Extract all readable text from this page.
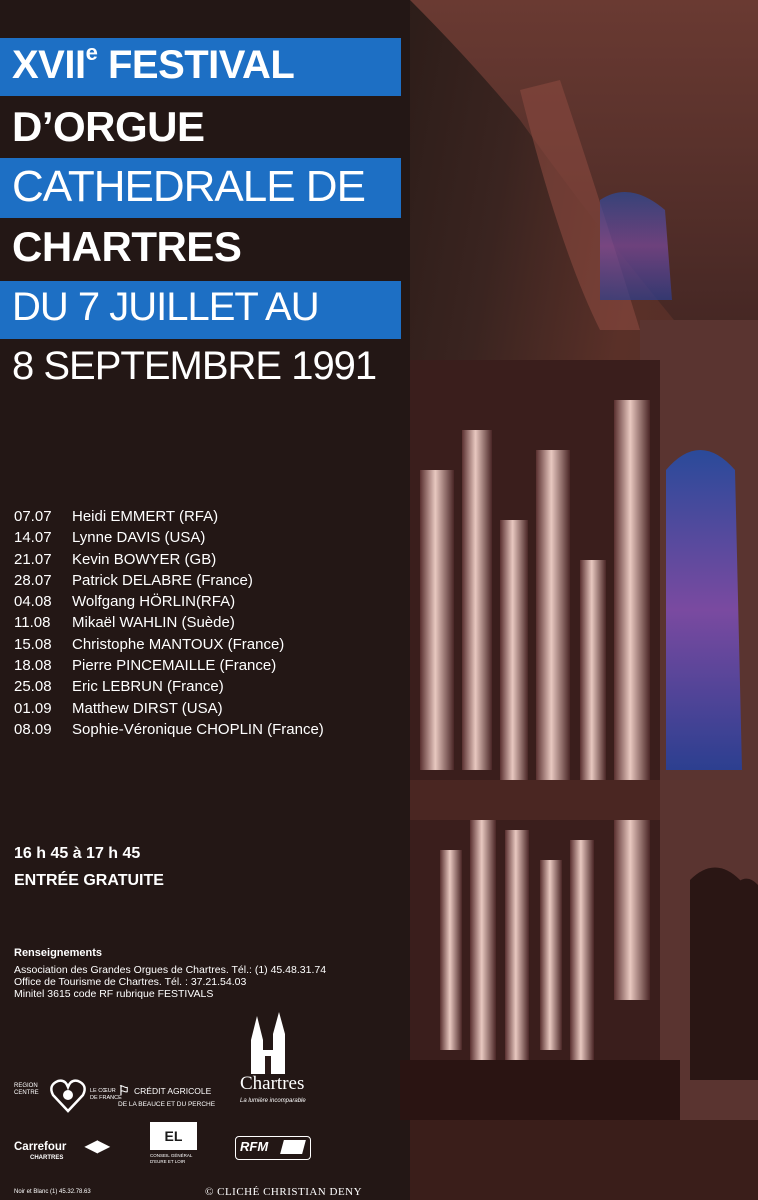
XVIIe FESTIVAL
D’ORGUE
CATHEDRALE DE
CHARTRES
DU 7 JUILLET AU
8 SEPTEMBRE 1991
07.07	Heidi EMMERT (RFA)
14.07	Lynne DAVIS (USA)
21.07	Kevin BOWYER (GB)
28.07	Patrick DELABRE (France)
04.08	Wolfgang HÖRLIN(RFA)
11.08	Mikaël WAHLIN (Suède)
15.08	Christophe MANTOUX (France)
18.08	Pierre PINCEMAILLE (France)
25.08	Eric LEBRUN (France)
01.09	Matthew DIRST (USA)
08.09	Sophie-Véronique CHOPLIN (France)
16 h 45 à 17 h 45
ENTRÉE GRATUITE
Renseignements
Association des Grandes Orgues de Chartres. Tél.: (1) 45.48.31.74
Office de Tourisme de Chartres. Tél. : 37.21.54.03
Minitel 3615 code RF rubrique FESTIVALS
REGION CENTRE	LE CŒUR DE FRANCE
⚐ CRÉDIT AGRICOLE
DE LA BEAUCE ET DU PERCHE
Chartres
La lumière incomparable
Carrefour ◀▶
CHARTRES
EL
CONSEIL GÉNÉRAL D'EURE ET LOIR
RFM
Noir et Blanc (1) 45.32.78.63	© CLICHÉ CHRISTIAN DENY
